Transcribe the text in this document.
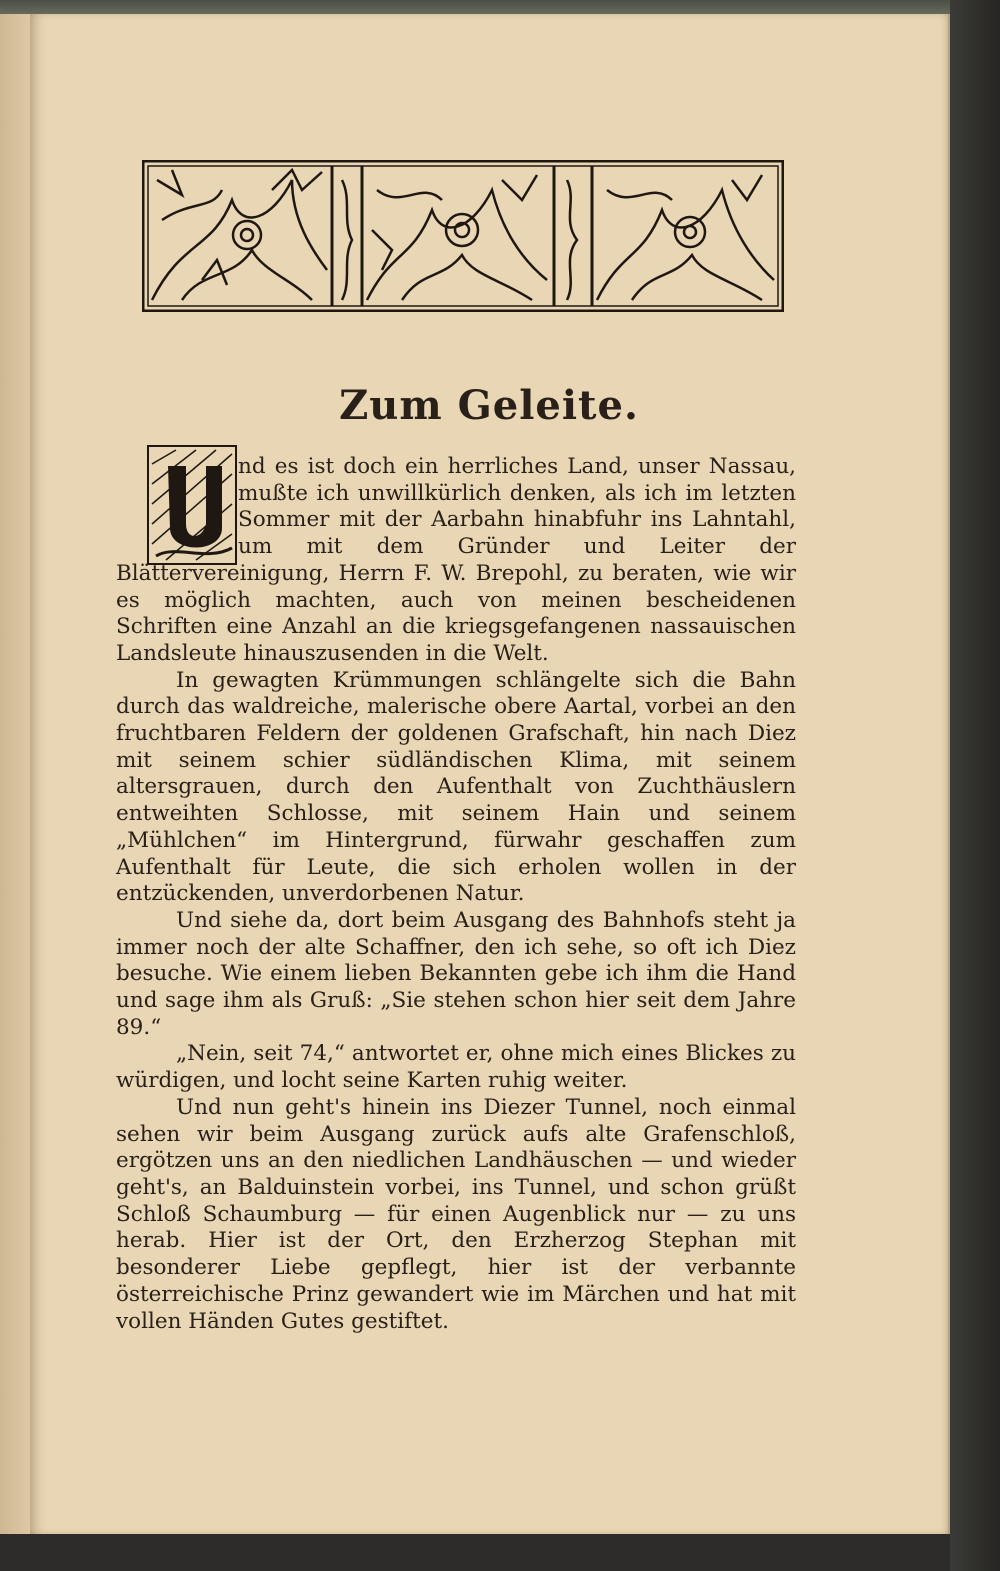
Zum Geleite.
U

nd es ist doch ein herrliches Land, unser Nassau, mußte ich unwillkürlich denken, als ich im letzten Sommer mit der Aarbahn hinabfuhr ins Lahntahl, um mit dem Gründer und Leiter der Blättervereinigung, Herrn F. W. Brepohl, zu beraten, wie wir es möglich machten, auch von meinen bescheidenen Schriften eine Anzahl an die kriegsgefangenen nassauischen Landsleute hinauszusenden in die Welt.

In gewagten Krümmungen schlängelte sich die Bahn durch das waldreiche, malerische obere Aartal, vorbei an den fruchtbaren Feldern der goldenen Grafschaft, hin nach Diez mit seinem schier südländischen Klima, mit seinem altersgrauen, durch den Aufenthalt von Zuchthäuslern entweihten Schlosse, mit seinem Hain und seinem „Mühlchen“ im Hintergrund, fürwahr geschaffen zum Aufenthalt für Leute, die sich erholen wollen in der entzückenden, unverdorbenen Natur.

Und siehe da, dort beim Ausgang des Bahnhofs steht ja immer noch der alte Schaffner, den ich sehe, so oft ich Diez besuche. Wie einem lieben Bekannten gebe ich ihm die Hand und sage ihm als Gruß: „Sie stehen schon hier seit dem Jahre 89.“

„Nein, seit 74,“ antwortet er, ohne mich eines Blickes zu würdigen, und locht seine Karten ruhig weiter.

Und nun geht's hinein ins Diezer Tunnel, noch einmal sehen wir beim Ausgang zurück aufs alte Grafenschloß, ergötzen uns an den niedlichen Landhäuschen — und wieder geht's, an Balduinstein vorbei, ins Tunnel, und schon grüßt Schloß Schaumburg — für einen Augenblick nur — zu uns herab. Hier ist der Ort, den Erzherzog Stephan mit besonderer Liebe gepflegt, hier ist der verbannte österreichische Prinz gewandert wie im Märchen und hat mit vollen Händen Gutes gestiftet.
